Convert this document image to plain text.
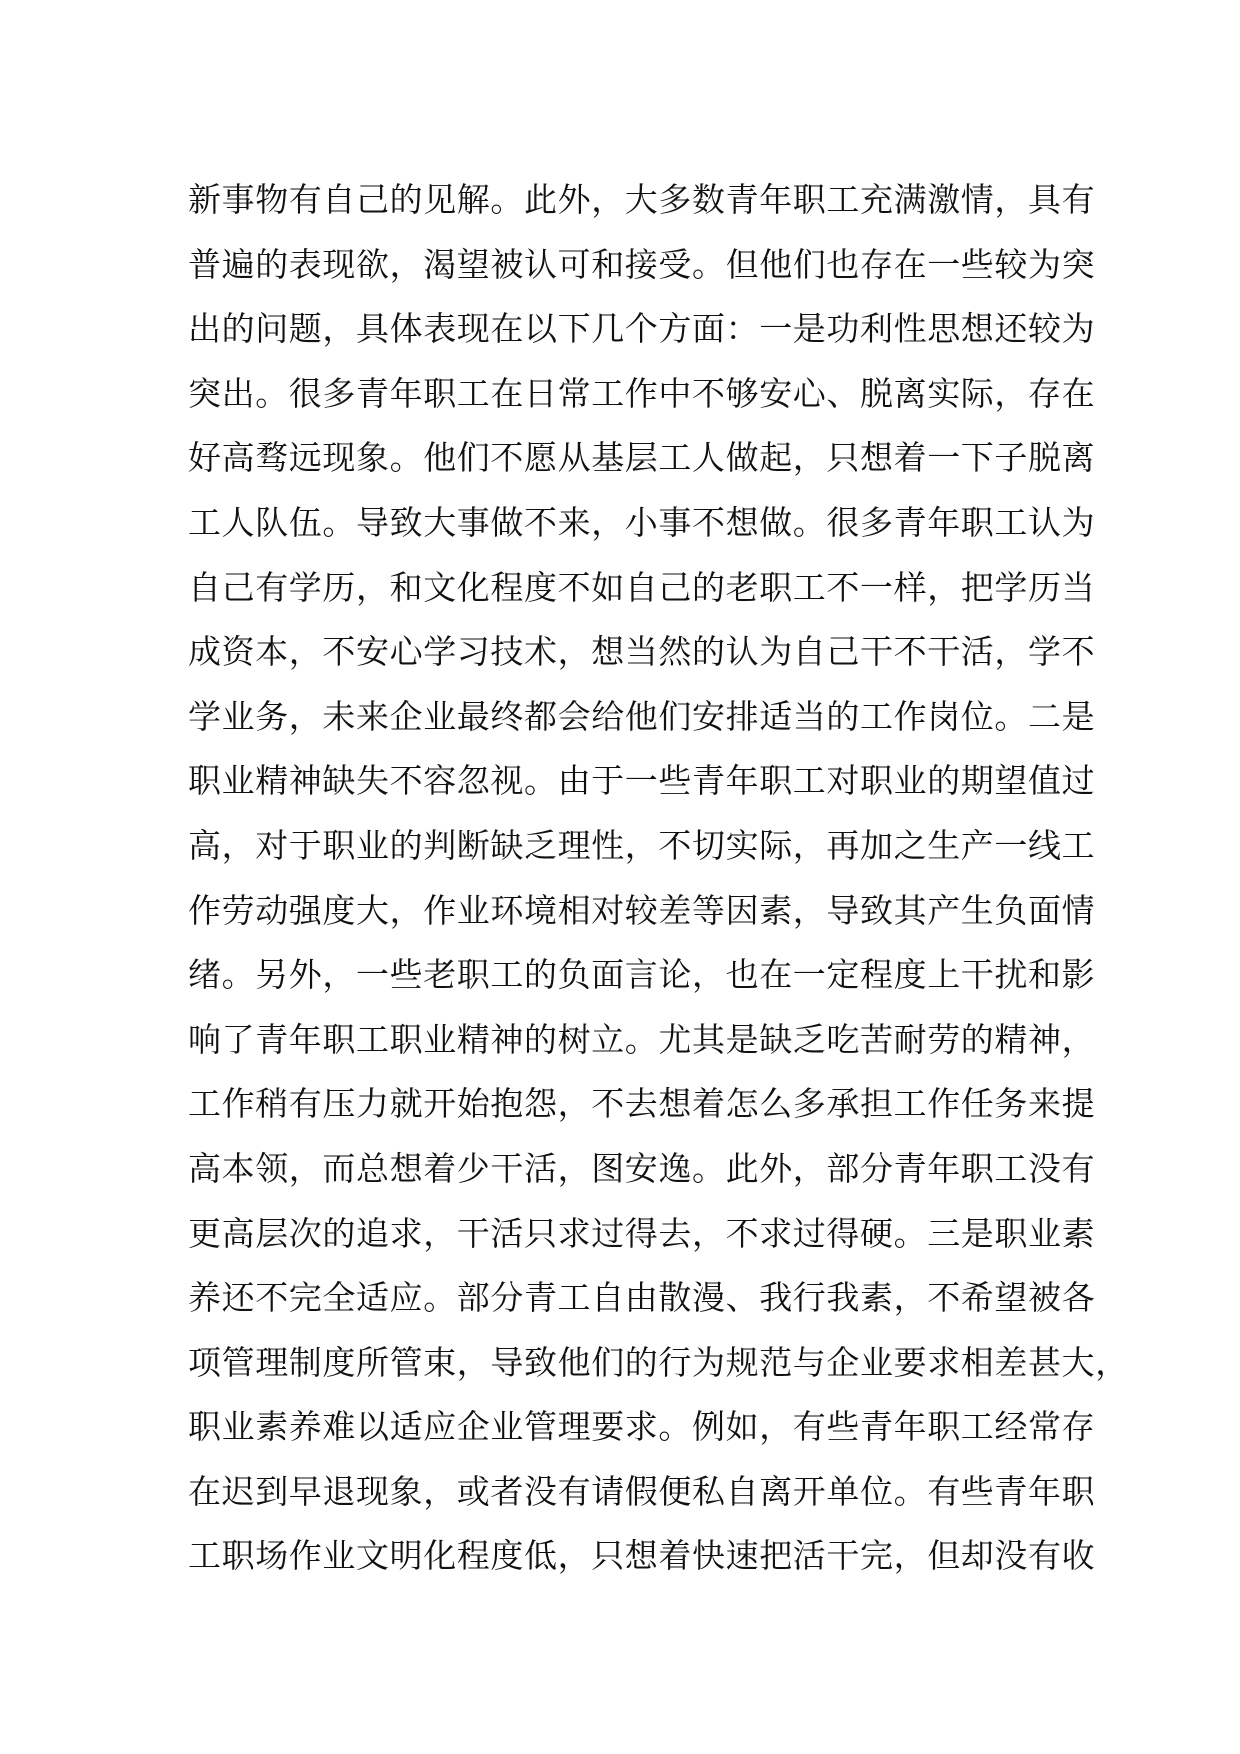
新事物有自己的见解。此外，大多数青年职工充满激情，具有
普遍的表现欲，渴望被认可和接受。但他们也存在一些较为突
出的问题，具体表现在以下几个方面：一是功利性思想还较为
突出。很多青年职工在日常工作中不够安心、脱离实际，存在
好高骛远现象。他们不愿从基层工人做起，只想着一下子脱离
工人队伍。导致大事做不来，小事不想做。很多青年职工认为
自己有学历，和文化程度不如自己的老职工不一样，把学历当
成资本，不安心学习技术，想当然的认为自己干不干活，学不
学业务，未来企业最终都会给他们安排适当的工作岗位。二是
职业精神缺失不容忽视。由于一些青年职工对职业的期望值过
高，对于职业的判断缺乏理性，不切实际，再加之生产一线工
作劳动强度大，作业环境相对较差等因素，导致其产生负面情
绪。另外，一些老职工的负面言论，也在一定程度上干扰和影
响了青年职工职业精神的树立。尤其是缺乏吃苦耐劳的精神，
工作稍有压力就开始抱怨，不去想着怎么多承担工作任务来提
高本领，而总想着少干活，图安逸。此外，部分青年职工没有
更高层次的追求，干活只求过得去，不求过得硬。三是职业素
养还不完全适应。部分青工自由散漫、我行我素，不希望被各
项管理制度所管束，导致他们的行为规范与企业要求相差甚大，
职业素养难以适应企业管理要求。例如，有些青年职工经常存
在迟到早退现象，或者没有请假便私自离开单位。有些青年职
工职场作业文明化程度低，只想着快速把活干完，但却没有收
